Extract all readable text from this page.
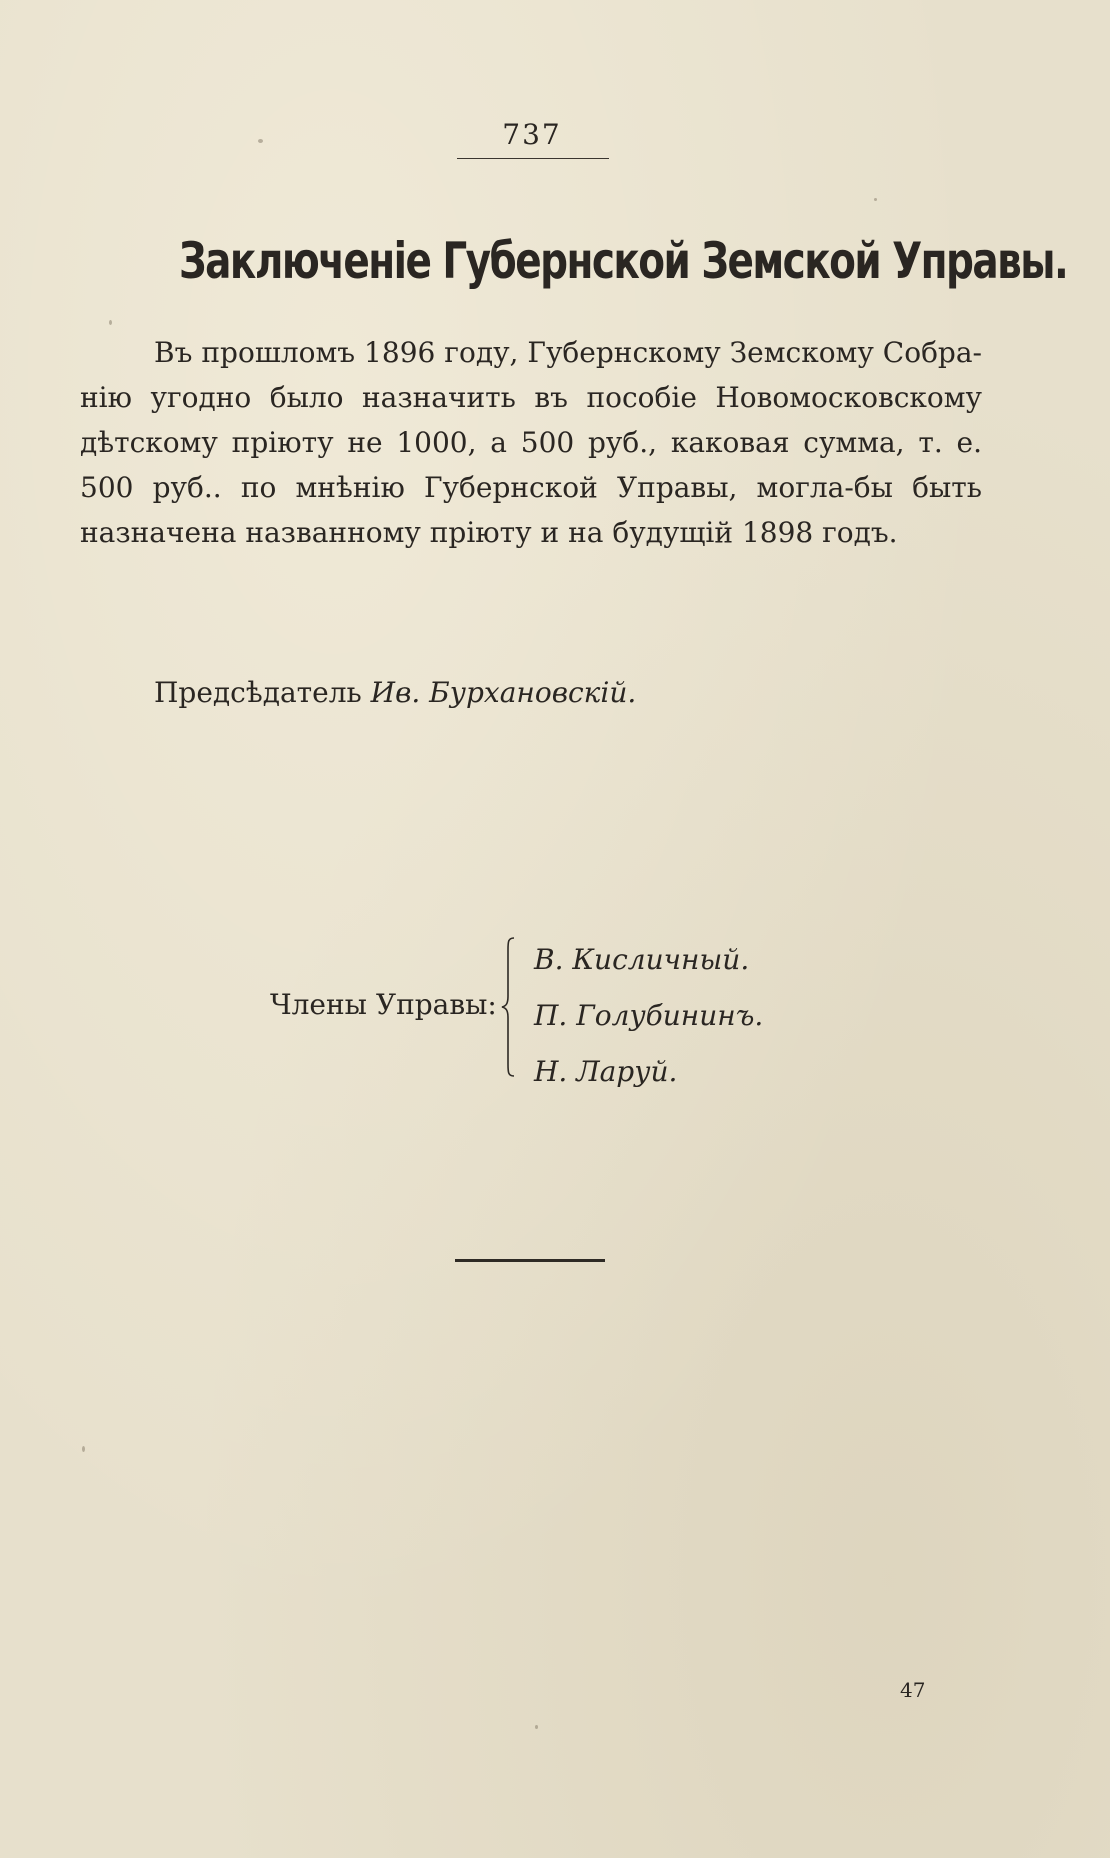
737
Заключеніе Губернской Земской Управы.
Въ прошломъ 1896 году, Губернскому Земскому Собра-
нію угодно было назначить въ пособіе Новомосковскому
дѣтскому пріюту не 1000, а 500 руб., каковая сумма, т. е.
500 руб.. по мнѣнію Губернской Управы, могла-бы быть
назначена названному пріюту и на будущій 1898 годъ.
Предсѣдатель Ив. Бурхановскій.
Члены Управы:
В. Кисличный.
П. Голубининъ.
Н. Ларуй.
47
